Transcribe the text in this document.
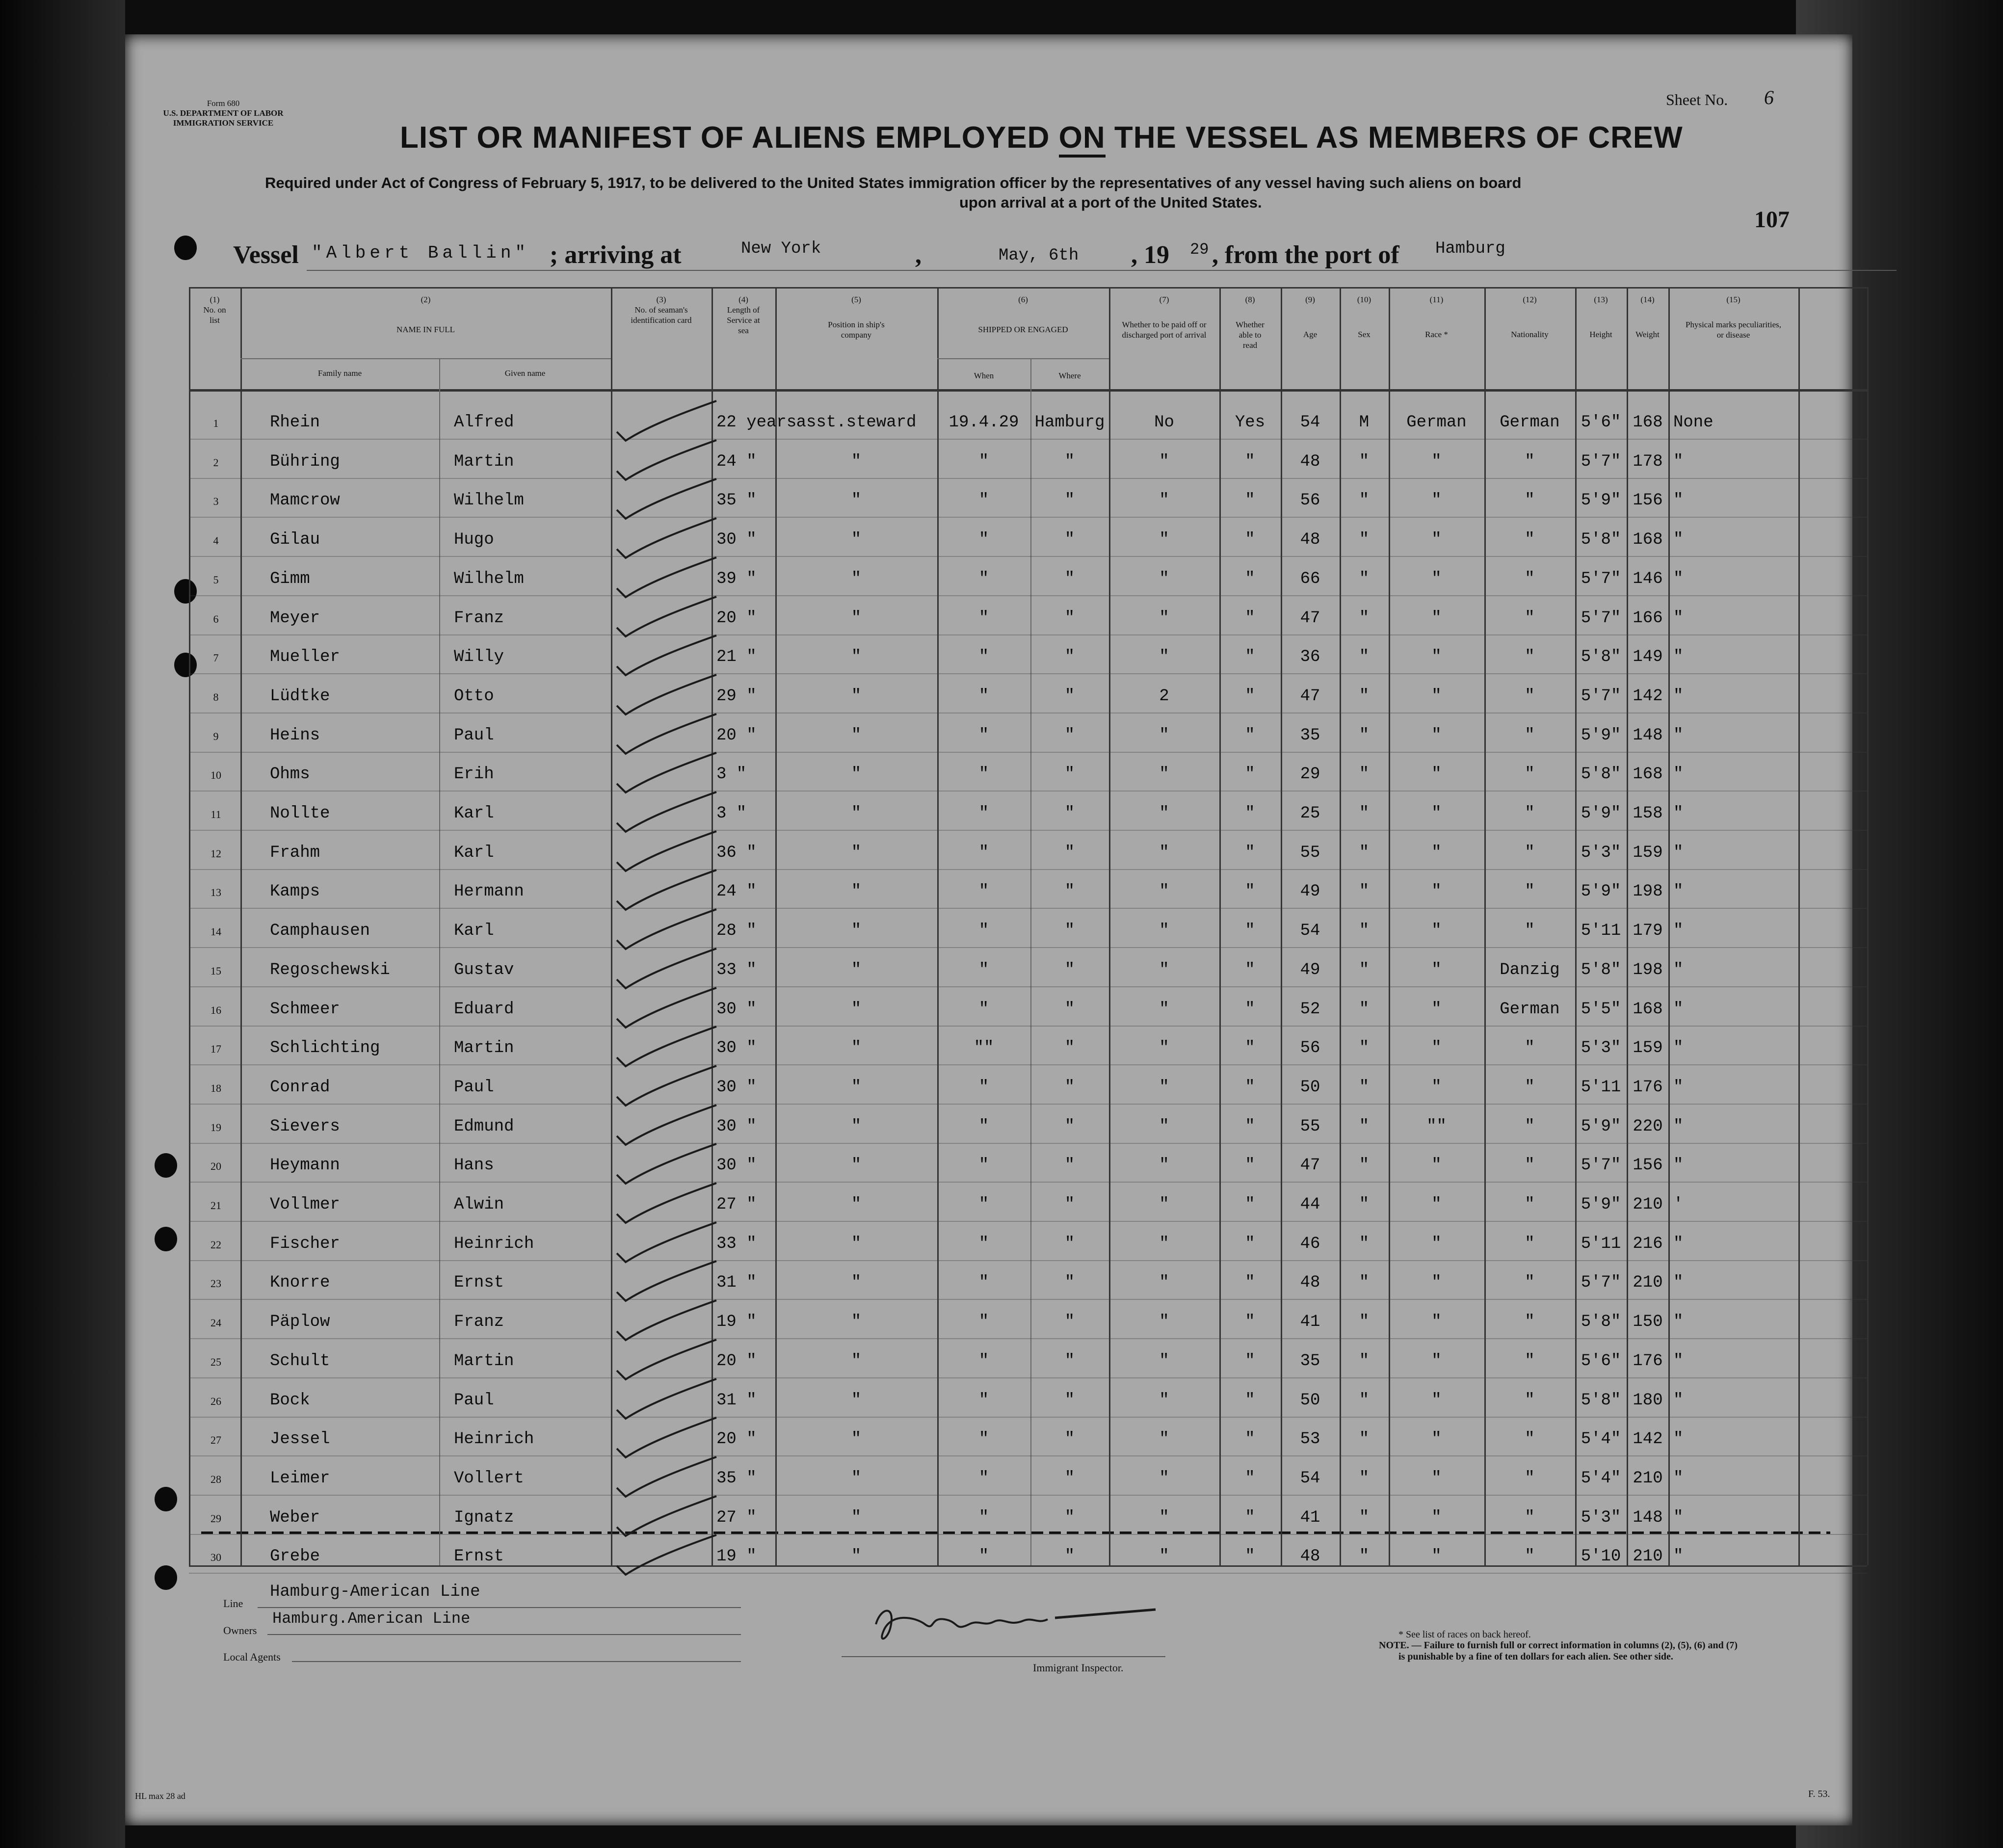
Form 680
U.S. DEPARTMENT OF LABOR
IMMIGRATION SERVICE
Sheet No. 6
107
LIST OR MANIFEST OF ALIENS EMPLOYED ON THE VESSEL AS MEMBERS OF CREW
Required under Act of Congress of February 5, 1917, to be delivered to the United States immigration officer by the representatives of any vessel having such aliens on board
upon arrival at a port of the United States.
Vessel "Albert Ballin" ; arriving at	New York	,	May, 6th , 19 29 , from the port of Hamburg
(1)
No. on list
(2)
NAME IN FULL
Family name	Given name
(3)
No. of seaman's identification card
(4)
Length of Service at sea
(5)
Position in ship's company
(6)
SHIPPED OR ENGAGED
When	Where
(7)
Whether to be paid off or discharged port of arrival
(8)
Whether able to read
(9)
Age
(10)
Sex
(11)
Race *
(12)
Nationality
(13)
Height
(14)
Weight
(15)
Physical marks peculiarities, or disease
1	Rhein	Alfred	22 years asst.steward	19.4.29 Hamburg	No	Yes	54	M	German	German	5'6" 168 None
2	Bühring	Martin	24 "	"	"	"	"	"	48	"	"	"	5'7" 178 "
3	Mamcrow	Wilhelm	35 "	"	"	"	"	"	56	"	"	"	5'9" 156 "
4	Gilau	Hugo	30 "	"	"	"	"	"	48	"	"	"	5'8" 168 "
5	Gimm	Wilhelm	39 "	"	"	"	"	"	66	"	"	"	5'7" 146 "
6	Meyer	Franz	20 "	"	"	"	"	"	47	"	"	"	5'7" 166 "
7	Mueller	Willy	21 "	"	"	"	"	"	36	"	"	"	5'8" 149 "
8	Lüdtke	Otto	29 "	"	"	"	2	"	47	"	"	"	5'7" 142 "
9	Heins	Paul	20 "	"	"	"	"	"	35	"	"	"	5'9" 148 "
10	Ohms	Erih	3 "	"	"	"	"	"	29	"	"	"	5'8" 168 "
11	Nollte	Karl	3 "	"	"	"	"	"	25	"	"	"	5'9" 158 "
12	Frahm	Karl	36 "	"	"	"	"	"	55	"	"	"	5'3" 159 "
13	Kamps	Hermann	24 "	"	"	"	"	"	49	"	"	"	5'9" 198 "
14	Camphausen	Karl	28 "	"	"	"	"	"	54	"	"	"	5'11 179 "
15	Regoschewski	Gustav	33 "	"	"	"	"	"	49	"	"	Danzig	5'8" 198 "
16	Schmeer	Eduard	30 "	"	"	"	"	"	52	"	"	German	5'5" 168 "
17	Schlichting	Martin	30 "	"	""	"	"	"	56	"	"	"	5'3" 159 "
18	Conrad	Paul	30 "	"	"	"	"	"	50	"	"	"	5'11 176 "
19	Sievers	Edmund	30 "	"	"	"	"	"	55	"	""	"	5'9" 220 "
20	Heymann	Hans	30 "	"	"	"	"	"	47	"	"	"	5'7" 156 "
21	Vollmer	Alwin	27 "	"	"	"	"	"	44	"	"	"	5'9" 210 '
22	Fischer	Heinrich	33 "	"	"	"	"	"	46	"	"	"	5'11 216 "
23	Knorre	Ernst	31 "	"	"	"	"	"	48	"	"	"	5'7" 210 "
24	Päplow	Franz	19 "	"	"	"	"	"	41	"	"	"	5'8" 150 "
25	Schult	Martin	20 "	"	"	"	"	"	35	"	"	"	5'6" 176 "
26	Bock	Paul	31 "	"	"	"	"	"	50	"	"	"	5'8" 180 "
27	Jessel	Heinrich	20 "	"	"	"	"	"	53	"	"	"	5'4" 142 "
28	Leimer	Vollert	35 "	"	"	"	"	"	54	"	"	"	5'4" 210 "
29	Weber	Ignatz	27 "	"	"	"	"	"	41	"	"	"	5'3" 148 "
30	Grebe	Ernst	19 "	"	"	"	"	"	48	"	"	"	5'10 210 "
Line
Hamburg-American Line
Owners
Hamburg.American Line
Local Agents
Immigrant Inspector.
* See list of races on back hereof.
NOTE. — Failure to furnish full or correct information in columns (2), (5), (6) and (7)
is punishable by a fine of ten dollars for each alien. See other side.
HL max 28 ad	F. 53.
